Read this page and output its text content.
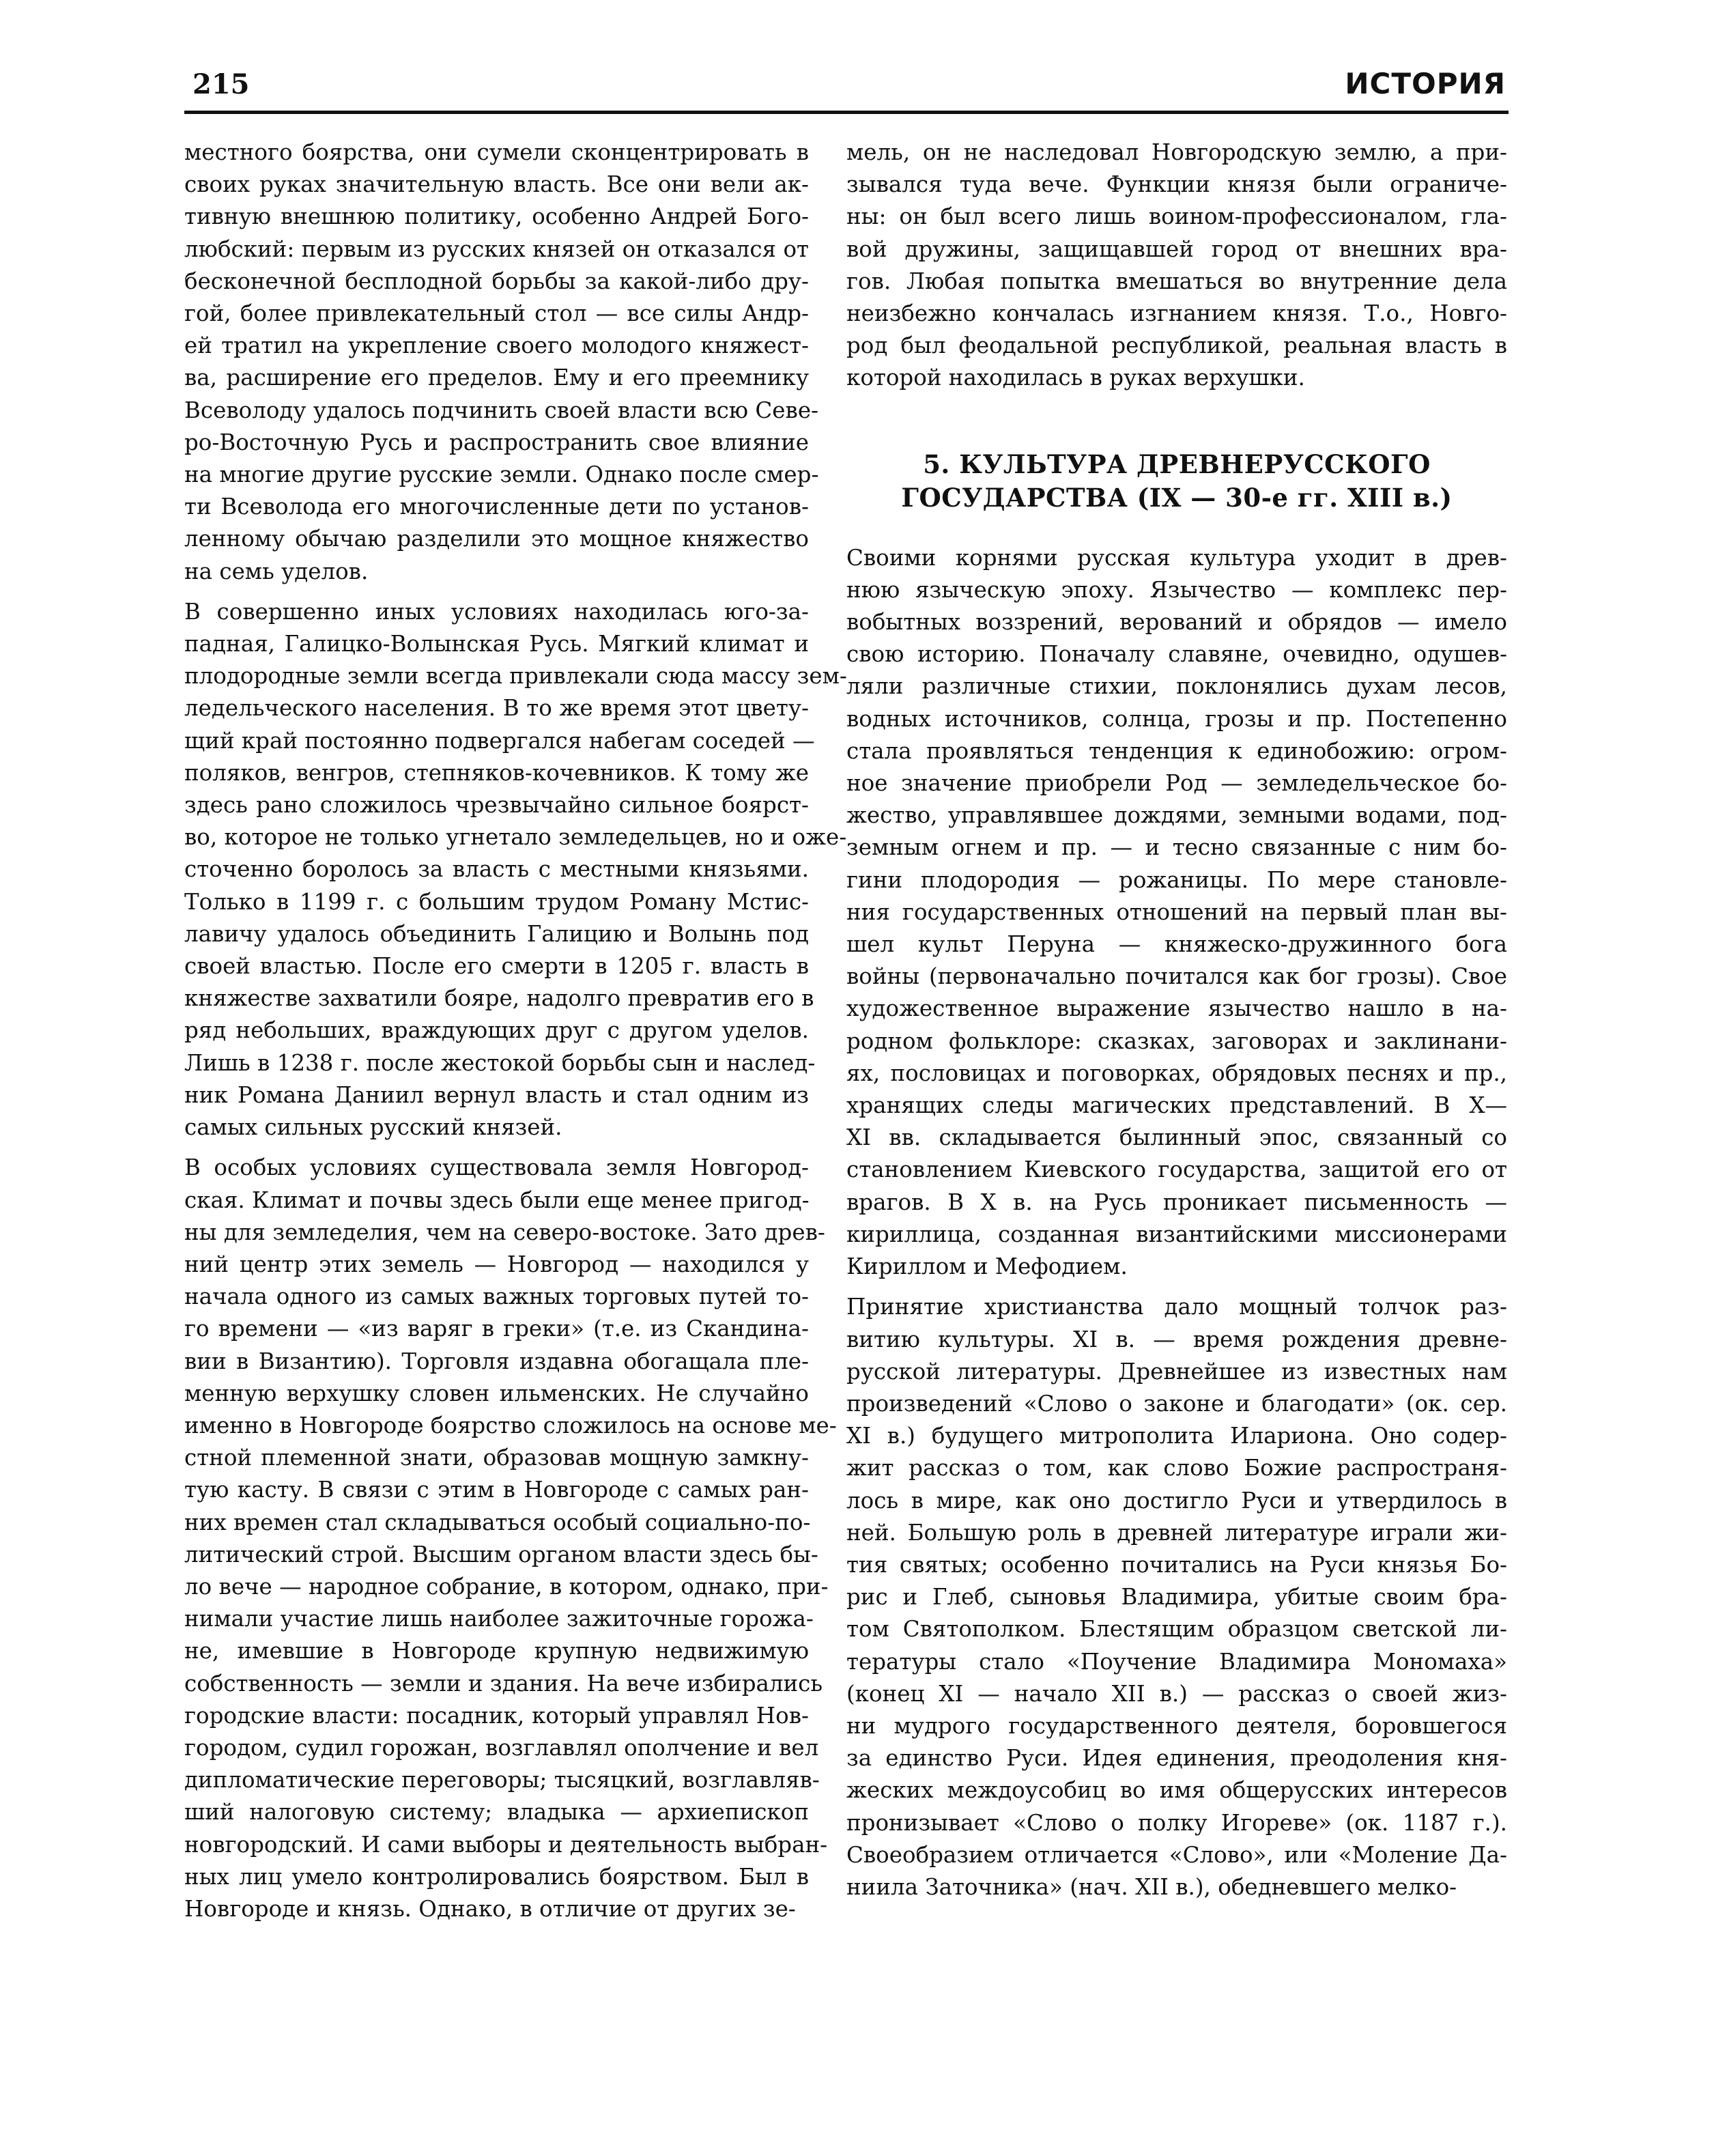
215	ИСТОРИЯ

местного боярства, они сумели сконцентрировать в
своих руках значительную власть. Все они вели ак-
тивную внешнюю политику, особенно Андрей Бого-
любский: первым из русских князей он отказался от
бесконечной бесплодной борьбы за какой-либо дру-
гой, более привлекательный стол — все силы Андр-
ей тратил на укрепление своего молодого княжест-
ва, расширение его пределов. Ему и его преемнику
Всеволоду удалось подчинить своей власти всю Севе-
ро-Восточную Русь и распространить свое влияние
на многие другие русские земли. Однако после смер-
ти Всеволода его многочисленные дети по установ-
ленному обычаю разделили это мощное княжество
на семь уделов.

В совершенно иных условиях находилась юго-за-
падная, Галицко-Волынская Русь. Мягкий климат и
плодородные земли всегда привлекали сюда массу зем-
ледельческого населения. В то же время этот цвету-
щий край постоянно подвергался набегам соседей —
поляков, венгров, степняков-кочевников. К тому же
здесь рано сложилось чрезвычайно сильное боярст-
во, которое не только угнетало земледельцев, но и оже-
сточенно боролось за власть с местными князьями.
Только в 1199 г. с большим трудом Роману Мстис-
лавичу удалось объединить Галицию и Волынь под
своей властью. После его смерти в 1205 г. власть в
княжестве захватили бояре, надолго превратив его в
ряд небольших, враждующих друг с другом уделов.
Лишь в 1238 г. после жестокой борьбы сын и наслед-
ник Романа Даниил вернул власть и стал одним из
самых сильных русский князей.

В особых условиях существовала земля Новгород-
ская. Климат и почвы здесь были еще менее пригод-
ны для земледелия, чем на северо-востоке. Зато древ-
ний центр этих земель — Новгород — находился у
начала одного из самых важных торговых путей то-
го времени — «из варяг в греки» (т.е. из Скандина-
вии в Византию). Торговля издавна обогащала пле-
менную верхушку словен ильменских. Не случайно
именно в Новгороде боярство сложилось на основе ме-
стной племенной знати, образовав мощную замкну-
тую касту. В связи с этим в Новгороде с самых ран-
них времен стал складываться особый социально-по-
литический строй. Высшим органом власти здесь бы-
ло вече — народное собрание, в котором, однако, при-
нимали участие лишь наиболее зажиточные горожа-
не, имевшие в Новгороде крупную недвижимую
собственность — земли и здания. На вече избирались
городские власти: посадник, который управлял Нов-
городом, судил горожан, возглавлял ополчение и вел
дипломатические переговоры; тысяцкий, возглавляв-
ший налоговую систему; владыка — архиепископ
новгородский. И сами выборы и деятельность выбран-
ных лиц умело контролировались боярством. Был в
Новгороде и князь. Однако, в отличие от других зе-

мель, он не наследовал Новгородскую землю, а при-
зывался туда вече. Функции князя были ограниче-
ны: он был всего лишь воином-профессионалом, гла-
вой дружины, защищавшей город от внешних вра-
гов. Любая попытка вмешаться во внутренние дела
неизбежно кончалась изгнанием князя. Т.о., Новго-
род был феодальной республикой, реальная власть в
которой находилась в руках верхушки.

5. КУЛЬТУРА ДРЕВНЕРУССКОГО
ГОСУДАРСТВА (IX — 30-е гг. XIII в.)

Своими корнями русская культура уходит в древ-
нюю языческую эпоху. Язычество — комплекс пер-
вобытных воззрений, верований и обрядов — имело
свою историю. Поначалу славяне, очевидно, одушев-
ляли различные стихии, поклонялись духам лесов,
водных источников, солнца, грозы и пр. Постепенно
стала проявляться тенденция к единобожию: огром-
ное значение приобрели Род — земледельческое бо-
жество, управлявшее дождями, земными водами, под-
земным огнем и пр. — и тесно связанные с ним бо-
гини плодородия — рожаницы. По мере становле-
ния государственных отношений на первый план вы-
шел культ Перуна — княжеско-дружинного бога
войны (первоначально почитался как бог грозы). Свое
художественное выражение язычество нашло в на-
родном фольклоре: сказках, заговорах и заклинани-
ях, пословицах и поговорках, обрядовых песнях и пр.,
хранящих следы магических представлений. В X—
XI вв. складывается былинный эпос, связанный со
становлением Киевского государства, защитой его от
врагов. В X в. на Русь проникает письменность —
кириллица, созданная византийскими миссионерами
Кириллом и Мефодием.

Принятие христианства дало мощный толчок раз-
витию культуры. XI в. — время рождения древне-
русской литературы. Древнейшее из известных нам
произведений «Слово о законе и благодати» (ок. сер.
XI в.) будущего митрополита Илариона. Оно содер-
жит рассказ о том, как слово Божие распространя-
лось в мире, как оно достигло Руси и утвердилось в
ней. Большую роль в древней литературе играли жи-
тия святых; особенно почитались на Руси князья Бо-
рис и Глеб, сыновья Владимира, убитые своим бра-
том Святополком. Блестящим образцом светской ли-
тературы стало «Поучение Владимира Мономаха»
(конец XI — начало XII в.) — рассказ о своей жиз-
ни мудрого государственного деятеля, боровшегося
за единство Руси. Идея единения, преодоления кня-
жеских междоусобиц во имя общерусских интересов
пронизывает «Слово о полку Игореве» (ок. 1187 г.).
Своеобразием отличается «Слово», или «Моление Да-
ниила Заточника» (нач. XII в.), обедневшего мелко-
